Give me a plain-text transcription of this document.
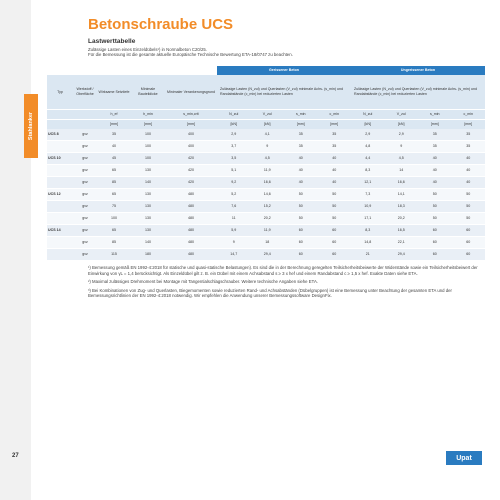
Stahlanker
Betonschraube UCS
Lastwerttabelle
Zulässige Lasten eines Einzeldübels¹) in Normalbeton C20/25.
Für die Bemessung ist die gesamte aktuelle Europäische Technische Bewertung ETA-18/0747 zu beachten.
					Gerissener Beton				Ungerissener Beton			
Typ	Werkstoff / Oberfläche	Wirksame Setztiefe	Minimale Bauteildicke	Minimaler Verankerungsgrund	Zulässige Lasten (N_zul) und Querlasten (V_zul) minimale Achs- (s_min) und Randabstände (c_min) bei reduzierten Lasten				Zulässige Lasten (N_zul) und Querlasten (V_zul) minimale Achs- (s_min) und Randabstände (c_min) bei reduzierten Lasten			
		h_ef	h_min	s_min,crit	N_zul	V_zul	s_min	c_min	N_zul	V_zul	s_min	c_min
		[mm]	[mm]	[mm]	[kN]	[kN]	[mm]	[mm]	[kN]	[kN]	[mm]	[mm]
UCS 8	gvz	35	100	400	2,9	4,1	35	35	2,9	2,9	35	35
	gvz	40	100	400	3,7	9	35	35	4,8	9	35	35
UCS 10	gvz	45	100	420	3,5	4,5	40	40	4,4	4,5	40	40
	gvz	65	130	420	5,1	11,9	40	40	8,3	14	40	40
	gvz	85	140	420	9,2	16,6	40	40	12,1	16,6	40	40
UCS 12	gvz	65	130	480	5,2	14,6	50	50	7,3	14,1	50	50
	gvz	75	130	480	7,6	15,2	50	50	10,9	18,3	50	50
	gvz	100	130	480	11	20,2	50	50	17,1	20,2	50	50
UCS 14	gvz	65	130	480	5,9	11,9	60	60	8,3	16,5	60	60
	gvz	85	140	480	9	18	60	60	14,8	22,1	60	60
	gvz	115	180	480	14,7	29,4	60	60	21	29,4	60	60

¹) Bemessung gemäß EN 1992-4:2018 für statische und quasi-statische Belastungen). Es sind die in der Berechnung geregelten Teilsicherheitsbeiwerte der Widerstände sowie ein Teilsicherheitsbeiwert der Einwirkung von γL = 1,4 berücksichtigt. Als Einzeldübel gilt z. B. ein Dübel mit einem Achsabstand s ≥ 3 x hef und einem Randabstand c ≥ 1,5 x hef. Exakte Daten siehe ETA.

²) Maximal zulässiges Drehmoment bei Montage mit Tangentialschlagschrauber. Weitere technische Angaben siehe ETA.

³) Bei Kombinationen von Zug- und Querlasten, Biegemomenten sowie reduzierten Rand- und Achsabständen (Dübelgruppen) ist eine Bemessung unter Beachtung der gesamten ETA und der Bemessungsrichtlinien der EN 1992-4:2018 notwendig. Wir empfehlen die Anwendung unserer Bemessungssoftware DesignFix.

27	Upat
